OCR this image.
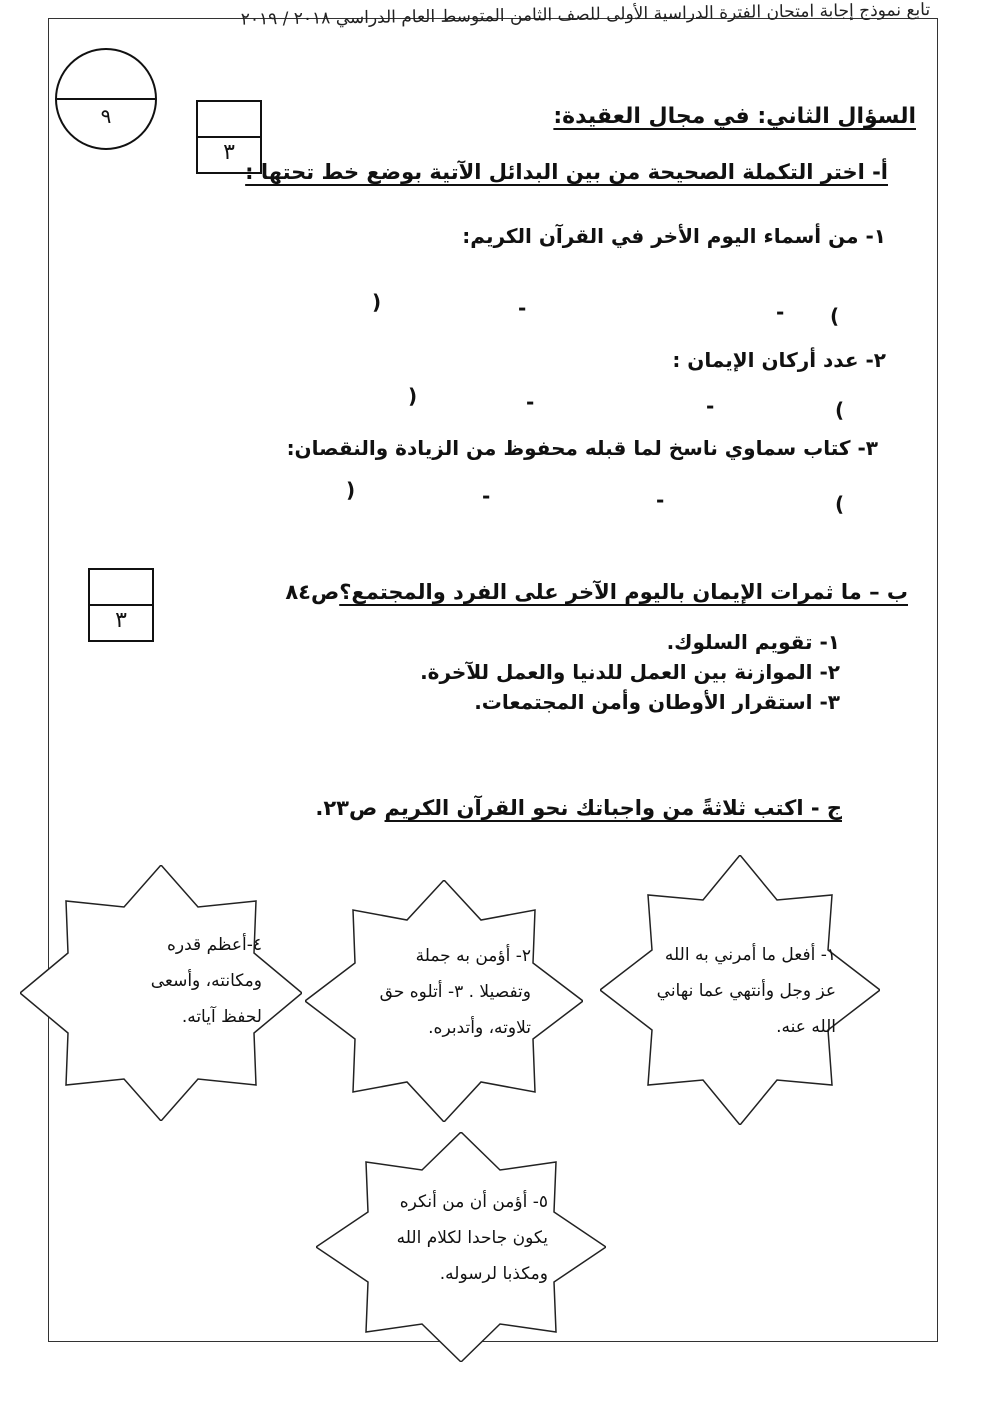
تابع نموذج إجابة امتحان الفترة الدراسية الأولى للصف الثامن المتوسط العام الدراسي ٢٠١٨ / ٢٠١٩
٩
٣
السؤال الثاني: في مجال العقيدة:
أ- اختر التكملة الصحيحة من بين البدائل الآتية بوضع خط تحتها :
١- من أسماء اليوم الأخر في القرآن الكريم:
(
-
-
)
٢- عدد أركان الإيمان :
(
-
-
)
٣- كتاب سماوي ناسخ لما قبله محفوظ من الزيادة والنقصان:
(
-
-
)
٣
ب – ما ثمرات الإيمان باليوم الآخر على الفرد والمجتمع؟ص٨٤
١- تقويم السلوك.
٢- الموازنة بين العمل للدنيا والعمل للآخرة.
٣- استقرار الأوطان وأمن المجتمعات.
ج - اكتب ثلاثةً من واجباتك نحو القرآن الكريم ص٢٣.
١- أفعل ما أمرني به الله عز وجل وأنتهي عما نهاني الله عنه.
٢- أؤمن به جملة وتفصيلا . ٣- أتلوه حق تلاوته، وأتدبره.
٤-أعظم قدره ومكانته، وأسعى لحفظ آياته.
٥- أؤمن أن من أنكره يكون جاحدا لكلام الله ومكذبا لرسوله.
